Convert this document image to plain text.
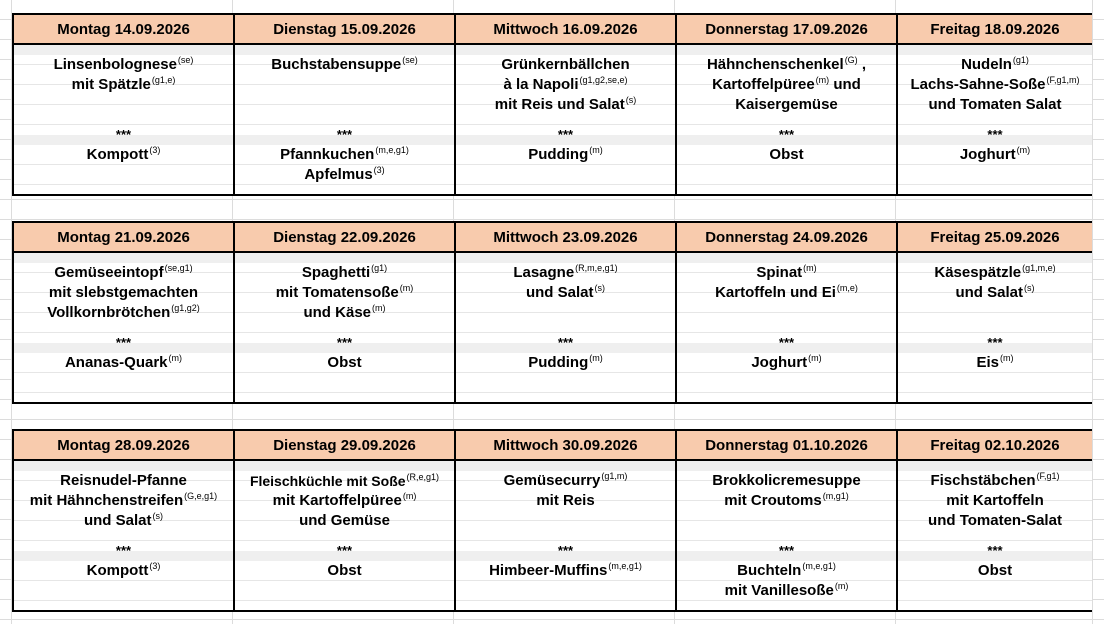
Montag 14.09.2026
Linsenbolognese$^{(se)}$
mit Spätzle$^{(g1,e)}$
***
Kompott$^{(3)}$
Dienstag 15.09.2026
Buchstabensuppe$^{(se)}$
***
Pfannkuchen$^{(m,e,g1)}$
Apfelmus$^{(3)}$
Mittwoch 16.09.2026
Grünkernbällchen
à la Napoli$^{(g1,g2,se,e)}$
mit Reis und Salat$^{(s)}$
***
Pudding$^{(m)}$
Donnerstag 17.09.2026
Hähnchenschenkel$^{(G)}$ ,
Kartoffelpüree$^{(m)}$ und
Kaisergemüse
***
Obst
Freitag 18.09.2026
Nudeln$^{(g1)}$
Lachs-Sahne-Soße$^{(F,g1,m)}$
und Tomaten Salat
***
Joghurt$^{(m)}$
Montag 21.09.2026
Gemüseeintopf$^{(se,g1)}$
mit slebstgemachten
Vollkornbrötchen$^{(g1,g2)}$
***
Ananas-Quark$^{(m)}$
Dienstag 22.09.2026
Spaghetti$^{(g1)}$
mit Tomatensoße$^{(m)}$
und Käse$^{(m)}$
***
Obst
Mittwoch 23.09.2026
Lasagne$^{(R,m,e,g1)}$
und Salat$^{(s)}$
***
Pudding$^{(m)}$
Donnerstag 24.09.2026
Spinat$^{(m)}$
Kartoffeln und Ei$^{(m,e)}$
***
Joghurt$^{(m)}$
Freitag 25.09.2026
Käsespätzle$^{(g1,m,e)}$
und Salat$^{(s)}$
***
Eis$^{(m)}$
Montag 28.09.2026
Reisnudel-Pfanne
mit Hähnchenstreifen$^{(G,e,g1)}$
und Salat$^{(s)}$
***
Kompott$^{(3)}$
Dienstag 29.09.2026
Fleischküchle mit Soße$^{(R,e,g1)}$
mit Kartoffelpüree$^{(m)}$
und Gemüse
***
Obst
Mittwoch 30.09.2026
Gemüsecurry$^{(g1,m)}$
mit Reis
***
Himbeer-Muffins$^{(m,e,g1)}$
Donnerstag 01.10.2026
Brokkolicremesuppe
mit Croutoms$^{(m,g1)}$
***
Buchteln$^{(m,e,g1)}$
mit Vanillesoße$^{(m)}$
Freitag 02.10.2026
Fischstäbchen$^{(F,g1)}$
mit Kartoffeln
und Tomaten-Salat
***
Obst
